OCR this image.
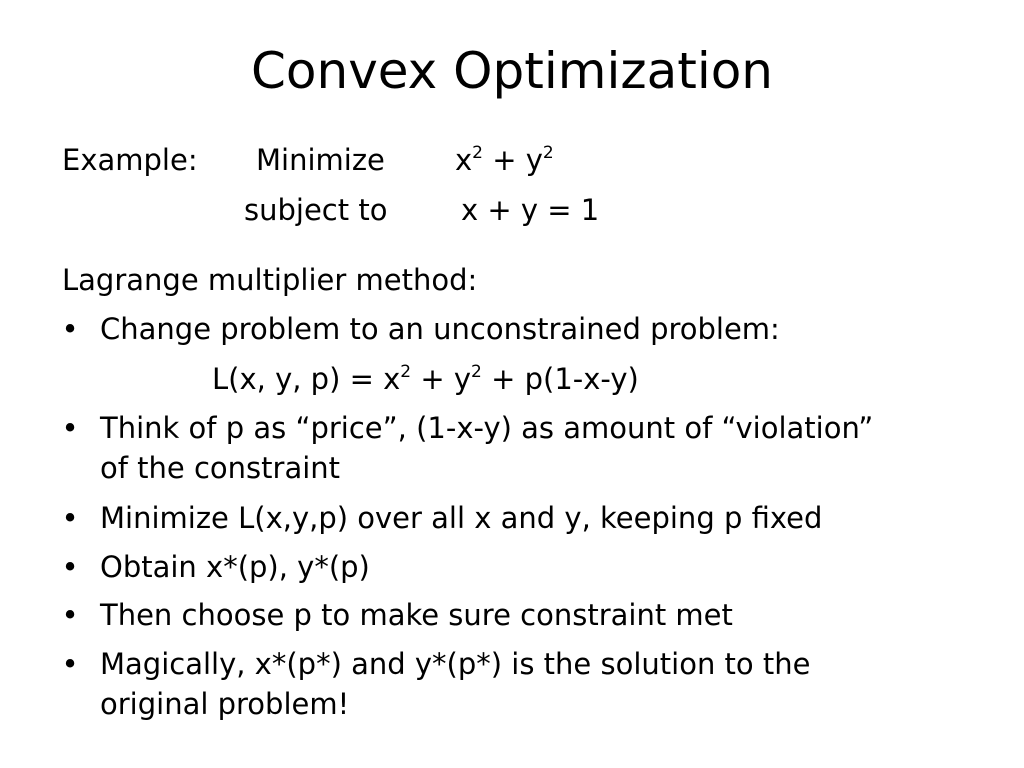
Convex Optimization
Example: Minimize $x^2 + y^2$
subject to	x + y = 1
Lagrange multiplier method:
• Change problem to an unconstrained problem:
L(x, y, $p) = x^2 + y^2 + p(1-x-y)$
• Think of p as “price”, (1-x-y) as amount of “violation”
of the constraint
• Minimize L(x,y,p) over all x and y, keeping p fixed
• Obtain x*(p), y*(p)
• Then choose p to make sure constraint met
• Magically, x*(p*) and y*(p*) is the solution to the
original problem!
